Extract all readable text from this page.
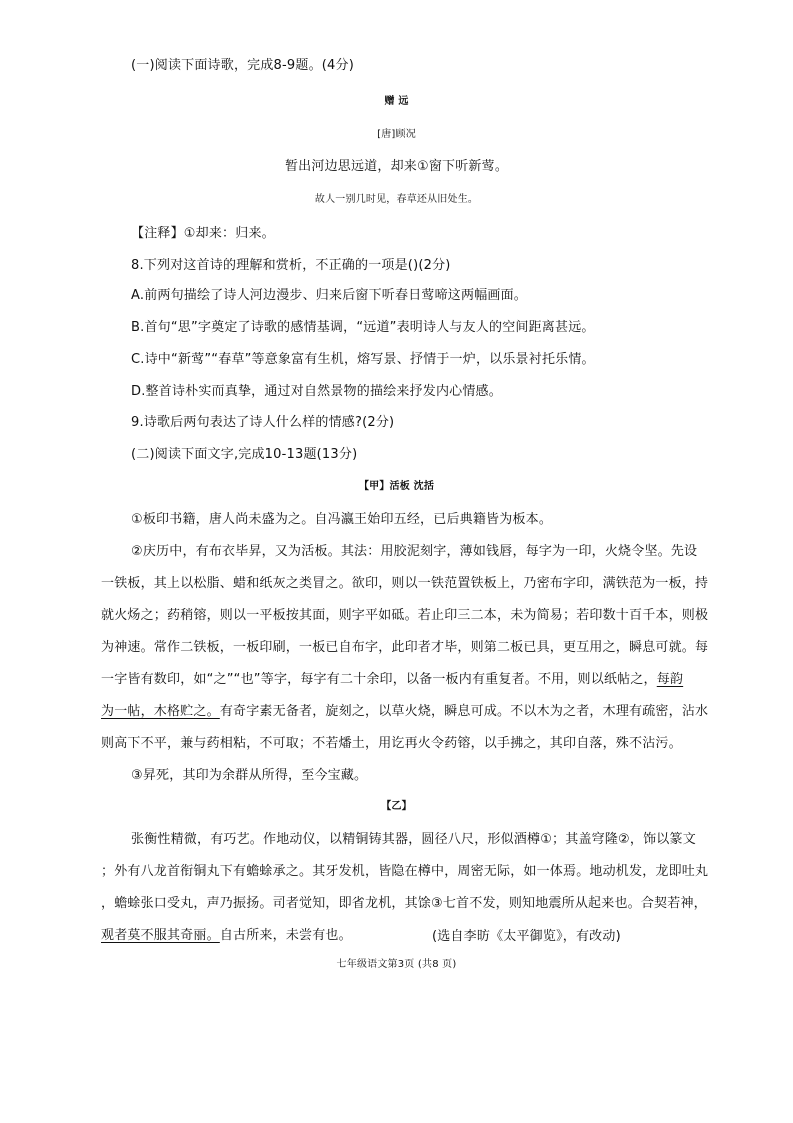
(一)阅读下面诗歌，完成8-9题。(4分)
赠 远
[唐]顾况
暂出河边思远道，却来①窗下听新莺。
故人一别几时见，春草还从旧处生。
【注释】①却来：归来。
8.下列对这首诗的理解和赏析，不正确的一项是()(2分)
A.前两句描绘了诗人河边漫步、归来后窗下听春日莺啼这两幅画面。
B.首句“思”字奠定了诗歌的感情基调，“远道”表明诗人与友人的空间距离甚远。
C.诗中“新莺”“春草”等意象富有生机，熔写景、抒情于一炉，以乐景衬托乐情。
D.整首诗朴实而真挚，通过对自然景物的描绘来抒发内心情感。
9.诗歌后两句表达了诗人什么样的情感?(2分)
(二)阅读下面文字,完成10-13题(13分)
【甲】活板 沈括
①板印书籍，唐人尚未盛为之。自冯瀛王始印五经，已后典籍皆为板本。
②庆历中，有布衣毕昇，又为活板。其法：用胶泥刻字，薄如钱唇，每字为一印，火烧令坚。先设
一铁板，其上以松脂、蜡和纸灰之类冒之。欲印，则以一铁范置铁板上，乃密布字印，满铁范为一板，持
就火炀之；药稍镕，则以一平板按其面，则字平如砥。若止印三二本，未为简易；若印数十百千本，则极
为神速。常作二铁板，一板印刷，一板已自布字，此印者才毕，则第二板已具，更互用之，瞬息可就。每
一字皆有数印，如“之”“也”等字，每字有二十余印，以备一板内有重复者。不用，则以纸帖之，每韵
为一帖，木格贮之。有奇字素无备者，旋刻之，以草火烧，瞬息可成。不以木为之者，木理有疏密，沾水
则高下不平，兼与药相粘，不可取；不若燔土，用讫再火令药镕，以手拂之，其印自落，殊不沾污。
③昇死，其印为余群从所得，至今宝藏。
【乙】
张衡性精微，有巧艺。作地动仪，以精铜铸其器，圆径八尺，形似酒樽①；其盖穹隆②，饰以篆文
；外有八龙首衔铜丸下有蟾蜍承之。其牙发机，皆隐在樽中，周密无际，如一体焉。地动机发，龙即吐丸
，蟾蜍张口受丸，声乃振扬。司者觉知，即省龙机，其馀③七首不发，则知地震所从起来也。合契若神，
观者莫不服其奇丽。自古所来，未尝有也。	(选自李昉《太平御览》，有改动)
七年级语文第3页 (共8 页)
